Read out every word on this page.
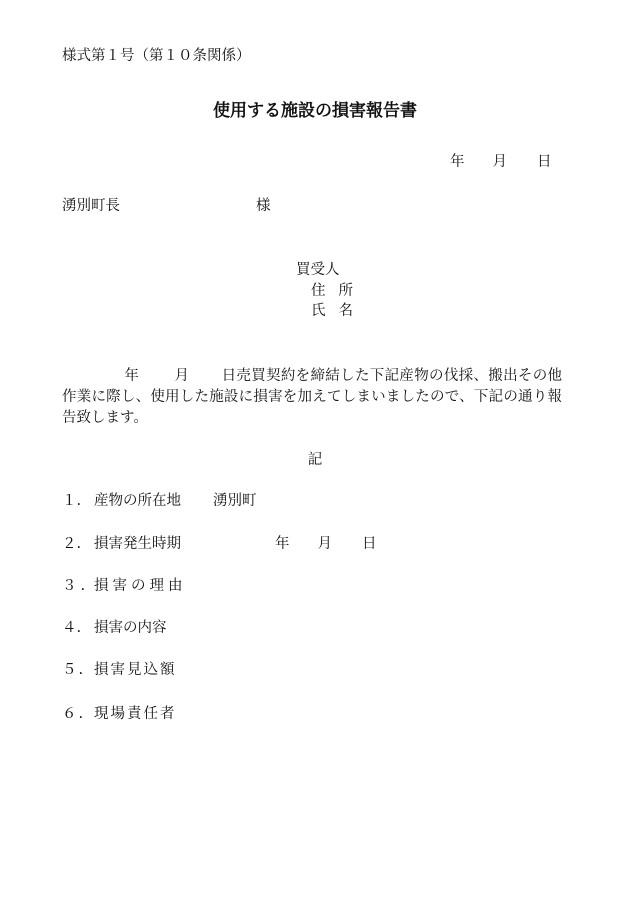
様式第１号（第１０条関係）
使用する施設の損害報告書
年 月 日
湧別町長	様
買受人
住 所
氏 名
年 月 日売買契約を締結した下記産物の伐採、搬出その他作業に際し、使用した施設に損害を加えてしまいましたので、下記の通り報告致します。
記
１. 産物の所在地 湧別町
２. 損害発生時期	年 月 日
３. 損害の理由
４. 損害の内容
５. 損害見込額
６. 現場責任者
